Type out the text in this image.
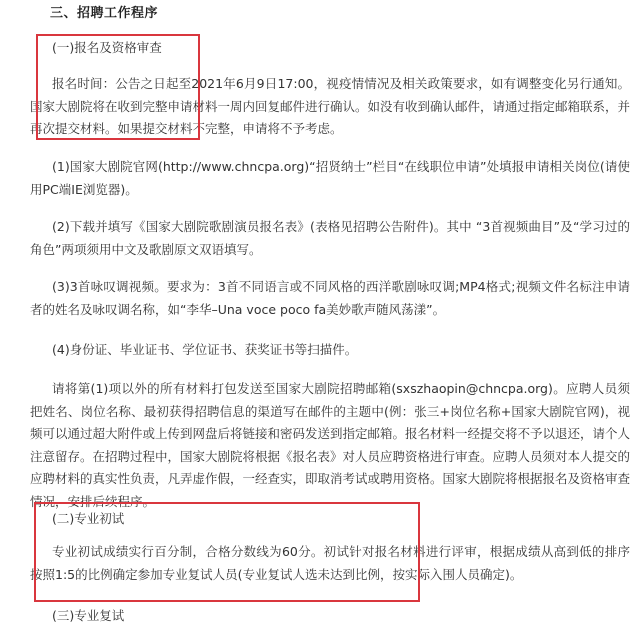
三、招聘工作程序
(一)报名及资格审查

报名时间：公告之日起至2021年6月9日17:00，视疫情情况及相关政策要求，如有调整变化另行通知。国家大剧院将在收到完整申请材料一周内回复邮件进行确认。如没有收到确认邮件，请通过指定邮箱联系，并再次提交材料。如果提交材料不完整，申请将不予考虑。

(1)国家大剧院官网(http://www.chncpa.org)“招贤纳士”栏目“在线职位申请”处填报申请相关岗位(请使用PC端IE浏览器)。

(2)下载并填写《国家大剧院歌剧演员报名表》(表格见招聘公告附件)。其中 “3首视频曲目”及“学习过的角色”两项须用中文及歌剧原文双语填写。

(3)3首咏叹调视频。要求为：3首不同语言或不同风格的西洋歌剧咏叹调;MP4格式;视频文件名标注申请者的姓名及咏叹调名称，如“李华–Una voce poco fa美妙歌声随风荡漾”。

(4)身份证、毕业证书、学位证书、获奖证书等扫描件。

请将第(1)项以外的所有材料打包发送至国家大剧院招聘邮箱(sxszhaopin@chncpa.org)。应聘人员须把姓名、岗位名称、最初获得招聘信息的渠道写在邮件的主题中(例：张三+岗位名称+国家大剧院官网)，视频可以通过超大附件或上传到网盘后将链接和密码发送到指定邮箱。报名材料一经提交将不予以退还，请个人注意留存。在招聘过程中，国家大剧院将根据《报名表》对人员应聘资格进行审查。应聘人员须对本人提交的应聘材料的真实性负责，凡弄虚作假，一经查实，即取消考试或聘用资格。国家大剧院将根据报名及资格审查情况，安排后续程序。

(二)专业初试

专业初试成绩实行百分制，合格分数线为60分。初试针对报名材料进行评审，根据成绩从高到低的排序按照1:5的比例确定参加专业复试人员(专业复试人选未达到比例，按实际入围人员确定)。

(三)专业复试
